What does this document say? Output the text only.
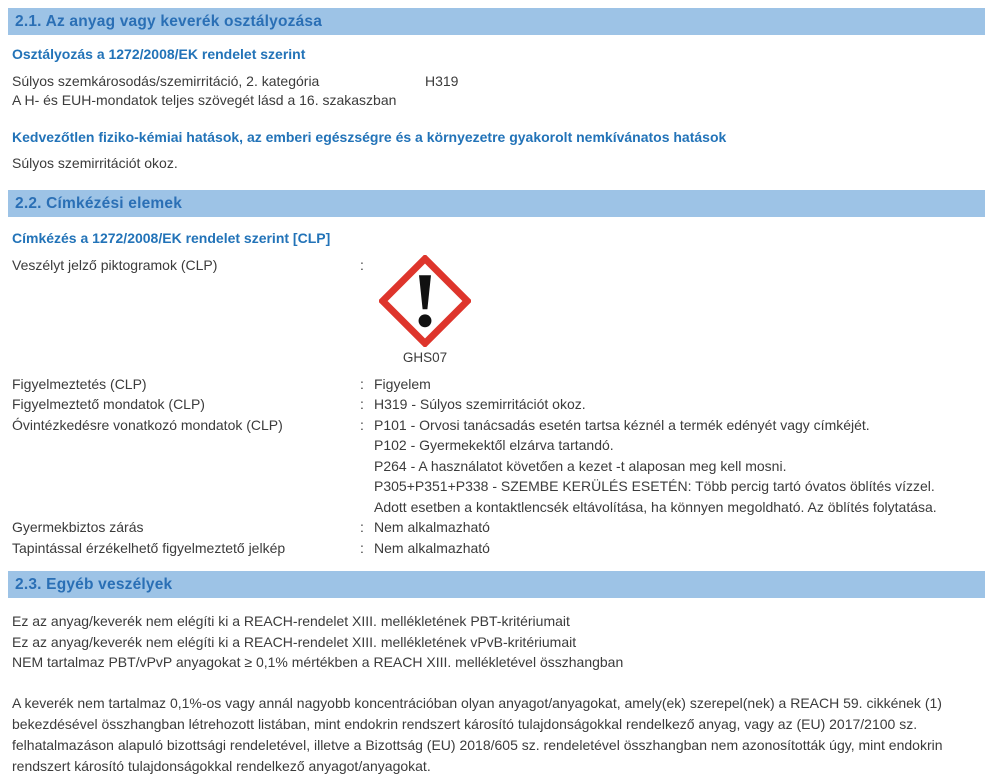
2.1. Az anyag vagy keverék osztályozása
Osztályozás a 1272/2008/EK rendelet szerint
Súlyos szemkárosodás/szemirritáció, 2. kategória	H319
A H- és EUH-mondatok teljes szövegét lásd a 16. szakaszban
Kedvezőtlen fiziko-kémiai hatások, az emberi egészségre és a környezetre gyakorolt nemkívánatos hatások
Súlyos szemirritációt okoz.
2.2. Címkézési elemek
Címkézés a 1272/2008/EK rendelet szerint [CLP]
Veszélyt jelző piktogramok (CLP)	:
GHS07
Figyelmeztetés (CLP)	: Figyelem
Figyelmeztető mondatok (CLP)	: H319 - Súlyos szemirritációt okoz.
Óvintézkedésre vonatkozó mondatok (CLP)	: P101 - Orvosi tanácsadás esetén tartsa kéznél a termék edényét vagy címkéjét.
P102 - Gyermekektől elzárva tartandó.
P264 - A használatot követően a kezet -t alaposan meg kell mosni.
P305+P351+P338 - SZEMBE KERÜLÉS ESETÉN: Több percig tartó óvatos öblítés vízzel.
Adott esetben a kontaktlencsék eltávolítása, ha könnyen megoldható. Az öblítés folytatása.
Gyermekbiztos zárás	: Nem alkalmazható
Tapintással érzékelhető figyelmeztető jelkép	: Nem alkalmazható
2.3. Egyéb veszélyek
Ez az anyag/keverék nem elégíti ki a REACH-rendelet XIII. mellékletének PBT-kritériumait
Ez az anyag/keverék nem elégíti ki a REACH-rendelet XIII. mellékletének vPvB-kritériumait
NEM tartalmaz PBT/vPvP anyagokat ≥ 0,1% mértékben a REACH XIII. mellékletével összhangban
A keverék nem tartalmaz 0,1%-os vagy annál nagyobb koncentrációban olyan anyagot/anyagokat, amely(ek) szerepel(nek) a REACH 59. cikkének (1) bekezdésével összhangban létrehozott listában, mint endokrin rendszert károsító tulajdonságokkal rendelkező anyag, vagy az (EU) 2017/2100 sz. felhatalmazáson alapuló bizottsági rendeletével, illetve a Bizottság (EU) 2018/605 sz. rendeletével összhangban nem azonosították úgy, mint endokrin rendszert károsító tulajdonságokkal rendelkező anyagot/anyagokat.
